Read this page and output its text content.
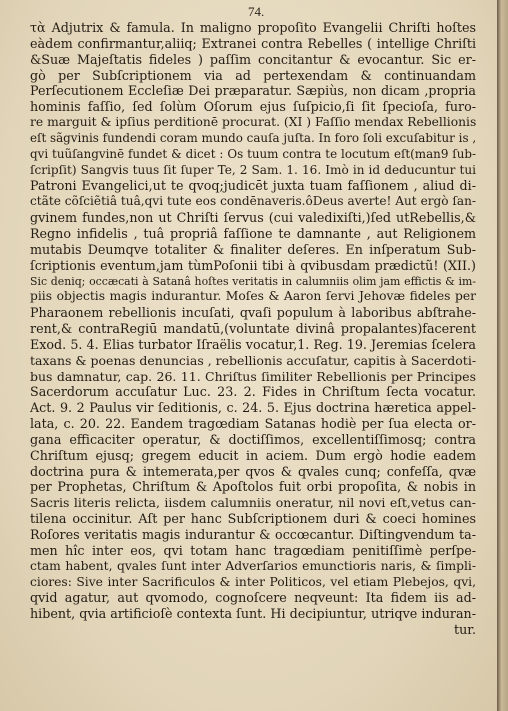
74.
τὰ Adjutrix & famula. In maligno propoſito Evangelii Chriſti hoſtes
eàdem confirmantur,aliiq; Extranei contra Rebelles ( intellige Chriſti
&Suæ Majeſtatis fideles ) paſſim concitantur & evocantur. Sic er-
gò per Subſcriptionem via ad pertexendam & continuandam
Perſecutionem Eccleſiæ Dei præparatur. Sæpiùs, non dicam ,propria
hominis faſſio, ſed ſolùm Oſorum ejus ſuſpicio,ſi ſit ſpecioſa, furo-
re marguit & ipſius perditionē procurat. (XI ) Faſſio mendax Rebellionis
eſt sãgvinis fundendi coram mundo cauſa juſta. In foro ſoli excuſabitur is ,
qvi tuũſangvinē fundet & dicet : Os tuum contra te locutum eſt(man9 ſub-
ſcripſit) Sangvis tuus ſit ſuper Te, 2 Sam. 1. 16. Imò in id deducuntur tui
Patroni Evangelici,ut te qvoq;judicēt juxta tuam faſſionem , aliud di-
ctãte cõſciẽtiâ tuâ,qvi tute eos condēnaveris.ôDeus averte! Aut ergò ſan-
gvinem fundes,non ut Chriſti ſervus (cui valedixiſti,)ſed utRebellis,&
Regno infidelis , tuâ propriâ faſſione te damnante , aut Religionem
mutabis Deumqve totaliter & finaliter deſeres. En inſperatum Sub-
ſcriptionis eventum,jam tùmPoſonii tibi à qvibusdam prædictũ! (XII.)
Sic deniq; occæcati à Satanâ hoſtes veritatis in calumniis olim jam effictis & im-
piis objectis magis indurantur. Moſes & Aaron ſervi Jehovæ fideles per
Pharaonem rebellionis incuſati, qvaſi populum à laboribus abſtrahe-
rent,& contraRegiū mandatū,(voluntate divinâ propalantes)facerent
Exod. 5. 4. Elias turbator Iſraëlis vocatur,1. Reg. 19. Jeremias ſcelera
taxans & poenas denuncias , rebellionis accuſatur, capitis à Sacerdoti-
bus damnatur, cap. 26. 11. Chriſtus ſimiliter Rebellionis per Principes
Sacerdorum accuſatur Luc. 23. 2. Fides in Chriſtum ſecta vocatur.
Act. 9. 2 Paulus vir ſeditionis, c. 24. 5. Ejus doctrina hæretica appel-
lata, c. 20. 22. Eandem tragœdiam Satanas hodiè per ſua electa or-
gana efficaciter operatur, & doctiſſimos, excellentiſſimosq; contra
Chriſtum ejusq; gregem educit in aciem. Dum ergò hodie eadem
doctrina pura & intemerata,per qvos & qvales cunq; confeſſa, qvæ
per Prophetas, Chriſtum & Apoſtolos fuit orbi propoſita, & nobis in
Sacris literis relicta, iisdem calumniis oneratur, nil novi eſt,vetus can-
tilena occinitur. Aſt per hanc Subſcriptionem duri & coeci homines
Roſores veritatis magis indurantur & occœcantur. Diſtingvendum ta-
men hîc inter eos, qvi totam hanc tragœdiam penitiſſimè perſpe-
ctam habent, qvales ſunt inter Adverſarios emunctioris naris, & ſimpli-
ciores: Sive inter Sacrificulos & inter Politicos, vel etiam Plebejos, qvi,
qvid agatur, aut qvomodo, cognoſcere neqveunt: Ita fidem iis ad-
hibent, qvia artificioſè contexta ſunt. Hi decipiuntur, utriqve induran-
tur.
